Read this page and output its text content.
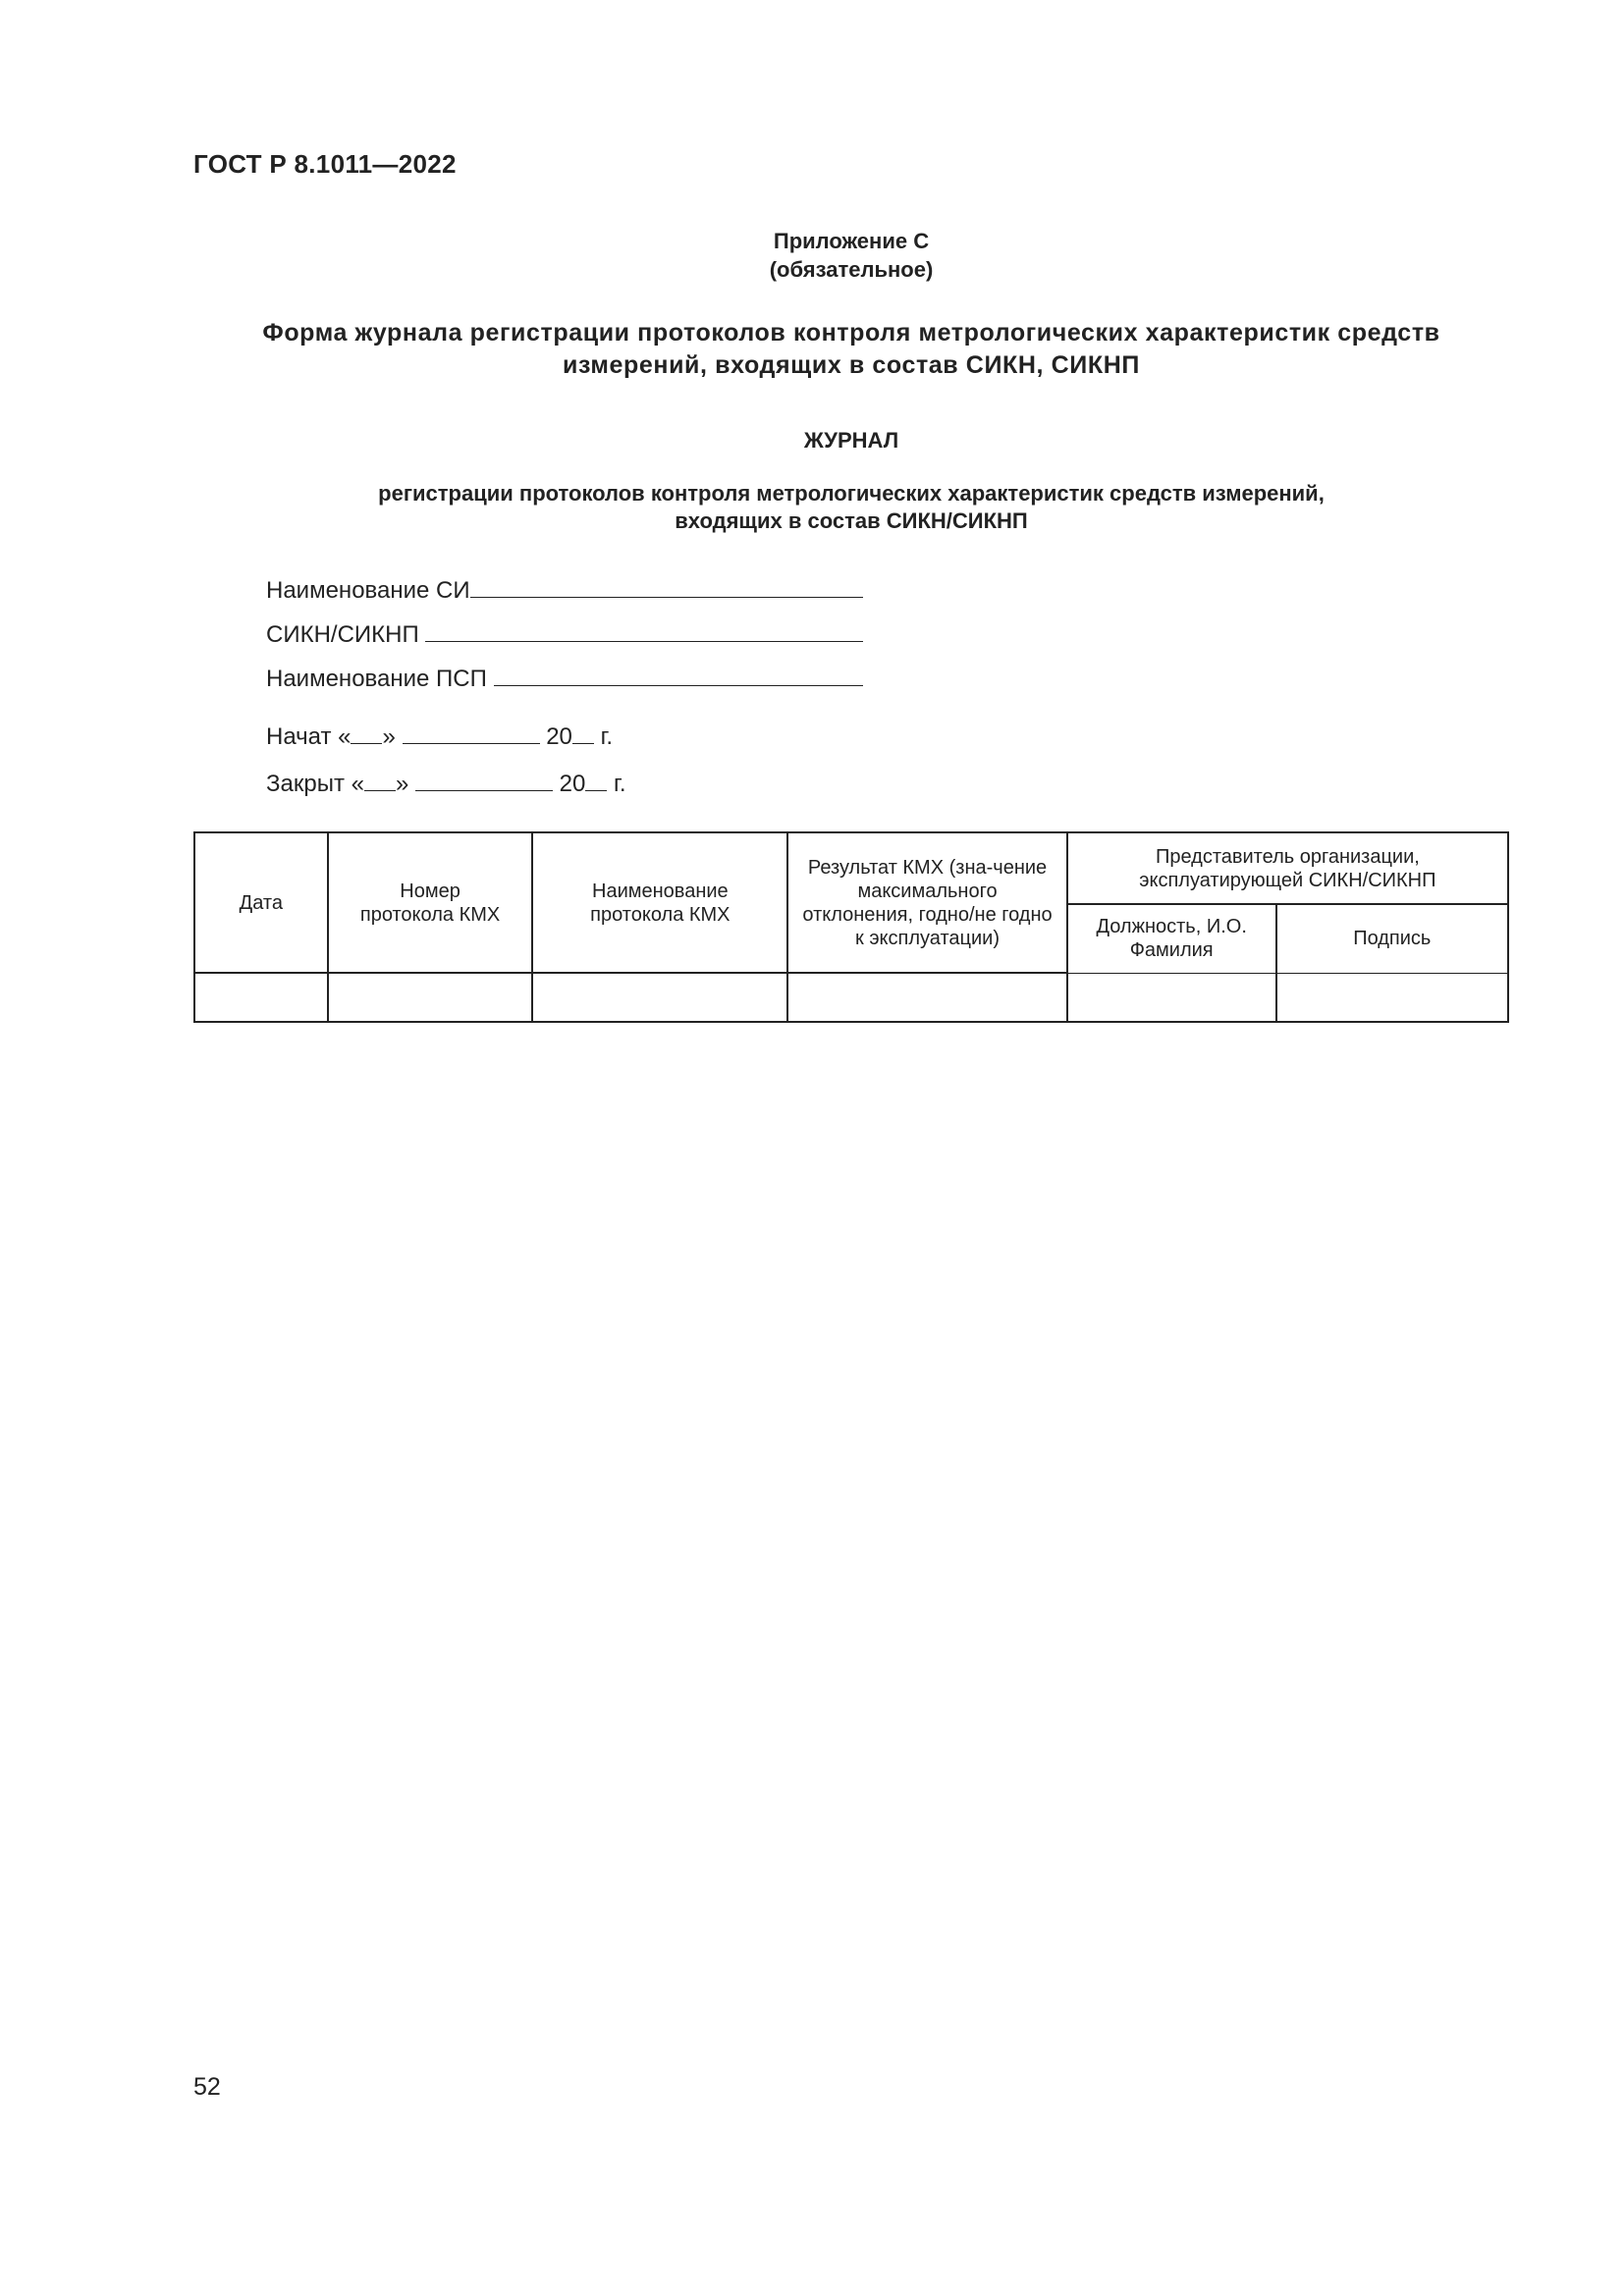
ГОСТ Р 8.1011—2022
Приложение С
(обязательное)
Форма журнала регистрации протоколов контроля метрологических характеристик средств
измерений, входящих в состав СИКН, СИКНП
ЖУРНАЛ
регистрации протоколов контроля метрологических характеристик средств измерений,
входящих в состав СИКН/СИКНП
Наименование СИ
СИКН/СИКНП
Наименование ПСП
Начат « »	20 г.
Закрыт « »	20 г.
Дата	Номер протокола КМХ	Наименование протокола КМХ	Результат КМХ (зна-чение максимального отклонения, годно/не годно к эксплуатации)	Представитель организации, эксплуатирующей СИКН/СИКНП	
				Должность, И.О. Фамилия	Подпись

52
